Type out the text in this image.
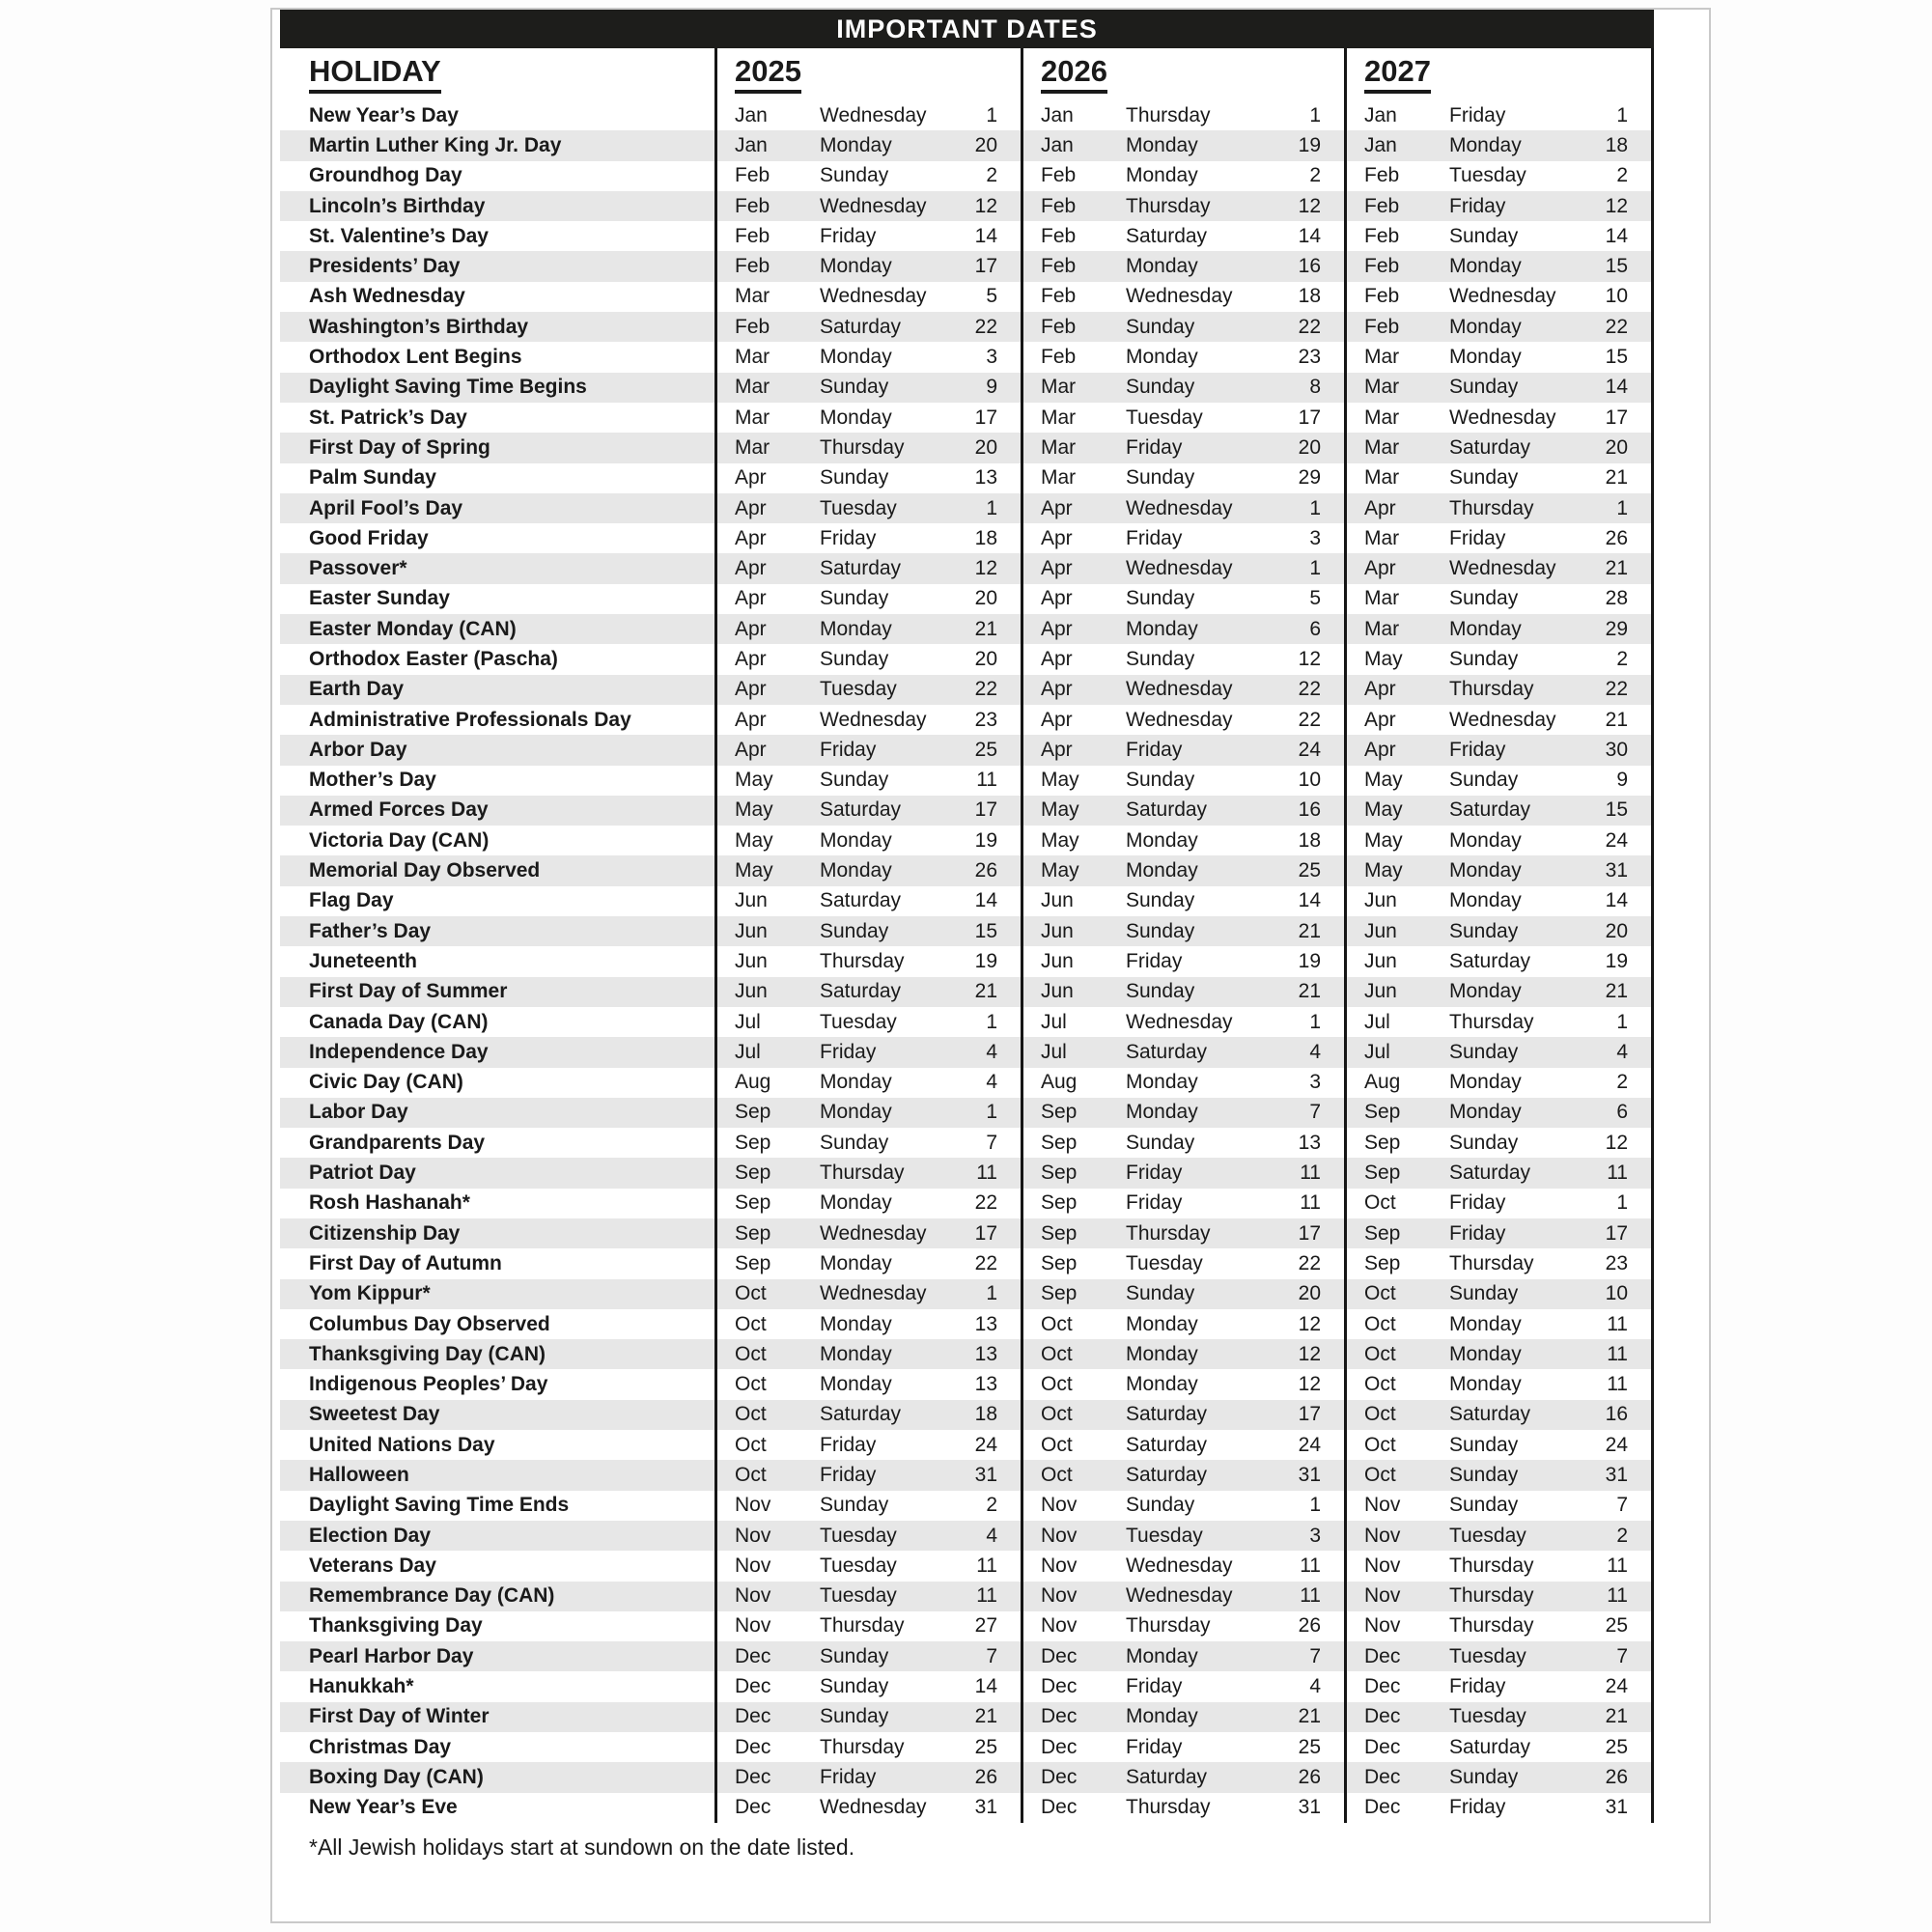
IMPORTANT DATES
HOLIDAY	2025	2026	2027
New Year’s Day	Jan	Wednesday	1 Jan	Thursday	1 Jan	Friday	1
Martin Luther King Jr. Day	Jan	Monday	20 Jan	Monday	19 Jan	Monday	18
Groundhog Day	Feb	Sunday	2 Feb	Monday	2 Feb	Tuesday	2
Lincoln’s Birthday	Feb	Wednesday	12 Feb	Thursday	12 Feb	Friday	12
St. Valentine’s Day	Feb	Friday	14 Feb	Saturday	14 Feb	Sunday	14
Presidents’ Day	Feb	Monday	17 Feb	Monday	16 Feb	Monday	15
Ash Wednesday	Mar	Wednesday	5 Feb	Wednesday	18 Feb	Wednesday	10
Washington’s Birthday	Feb	Saturday	22 Feb	Sunday	22 Feb	Monday	22
Orthodox Lent Begins	Mar	Monday	3 Feb	Monday	23 Mar	Monday	15
Daylight Saving Time Begins	Mar	Sunday	9 Mar	Sunday	8 Mar	Sunday	14
St. Patrick’s Day	Mar	Monday	17 Mar	Tuesday	17 Mar	Wednesday	17
First Day of Spring	Mar	Thursday	20 Mar	Friday	20 Mar	Saturday	20
Palm Sunday	Apr	Sunday	13 Mar	Sunday	29 Mar	Sunday	21
April Fool’s Day	Apr	Tuesday	1 Apr	Wednesday	1 Apr	Thursday	1
Good Friday	Apr	Friday	18 Apr	Friday	3 Mar	Friday	26
Passover*	Apr	Saturday	12 Apr	Wednesday	1 Apr	Wednesday	21
Easter Sunday	Apr	Sunday	20 Apr	Sunday	5 Mar	Sunday	28
Easter Monday (CAN)	Apr	Monday	21 Apr	Monday	6 Mar	Monday	29
Orthodox Easter (Pascha)	Apr	Sunday	20 Apr	Sunday	12 May	Sunday	2
Earth Day	Apr	Tuesday	22 Apr	Wednesday	22 Apr	Thursday	22
Administrative Professionals Day	Apr	Wednesday	23 Apr	Wednesday	22 Apr	Wednesday	21
Arbor Day	Apr	Friday	25 Apr	Friday	24 Apr	Friday	30
Mother’s Day	May	Sunday	11 May	Sunday	10 May	Sunday	9
Armed Forces Day	May	Saturday	17 May	Saturday	16 May	Saturday	15
Victoria Day (CAN)	May	Monday	19 May	Monday	18 May	Monday	24
Memorial Day Observed	May	Monday	26 May	Monday	25 May	Monday	31
Flag Day	Jun	Saturday	14 Jun	Sunday	14 Jun	Monday	14
Father’s Day	Jun	Sunday	15 Jun	Sunday	21 Jun	Sunday	20
Juneteenth	Jun	Thursday	19 Jun	Friday	19 Jun	Saturday	19
First Day of Summer	Jun	Saturday	21 Jun	Sunday	21 Jun	Monday	21
Canada Day (CAN)	Jul	Tuesday	1 Jul	Wednesday	1 Jul	Thursday	1
Independence Day	Jul	Friday	4 Jul	Saturday	4 Jul	Sunday	4
Civic Day (CAN)	Aug	Monday	4 Aug	Monday	3 Aug	Monday	2
Labor Day	Sep	Monday	1 Sep	Monday	7 Sep	Monday	6
Grandparents Day	Sep	Sunday	7 Sep	Sunday	13 Sep	Sunday	12
Patriot Day	Sep	Thursday	11 Sep	Friday	11 Sep	Saturday	11
Rosh Hashanah*	Sep	Monday	22 Sep	Friday	11 Oct	Friday	1
Citizenship Day	Sep	Wednesday	17 Sep	Thursday	17 Sep	Friday	17
First Day of Autumn	Sep	Monday	22 Sep	Tuesday	22 Sep	Thursday	23
Yom Kippur*	Oct	Wednesday	1 Sep	Sunday	20 Oct	Sunday	10
Columbus Day Observed	Oct	Monday	13 Oct	Monday	12 Oct	Monday	11
Thanksgiving Day (CAN)	Oct	Monday	13 Oct	Monday	12 Oct	Monday	11
Indigenous Peoples’ Day	Oct	Monday	13 Oct	Monday	12 Oct	Monday	11
Sweetest Day	Oct	Saturday	18 Oct	Saturday	17 Oct	Saturday	16
United Nations Day	Oct	Friday	24 Oct	Saturday	24 Oct	Sunday	24
Halloween	Oct	Friday	31 Oct	Saturday	31 Oct	Sunday	31
Daylight Saving Time Ends	Nov	Sunday	2 Nov	Sunday	1 Nov	Sunday	7
Election Day	Nov	Tuesday	4 Nov	Tuesday	3 Nov	Tuesday	2
Veterans Day	Nov	Tuesday	11 Nov	Wednesday	11 Nov	Thursday	11
Remembrance Day (CAN)	Nov	Tuesday	11 Nov	Wednesday	11 Nov	Thursday	11
Thanksgiving Day	Nov	Thursday	27 Nov	Thursday	26 Nov	Thursday	25
Pearl Harbor Day	Dec	Sunday	7 Dec	Monday	7 Dec	Tuesday	7
Hanukkah*	Dec	Sunday	14 Dec	Friday	4 Dec	Friday	24
First Day of Winter	Dec	Sunday	21 Dec	Monday	21 Dec	Tuesday	21
Christmas Day	Dec	Thursday	25 Dec	Friday	25 Dec	Saturday	25
Boxing Day (CAN)	Dec	Friday	26 Dec	Saturday	26 Dec	Sunday	26
New Year’s Eve	Dec	Wednesday	31 Dec	Thursday	31 Dec	Friday	31
*All Jewish holidays start at sundown on the date listed.
